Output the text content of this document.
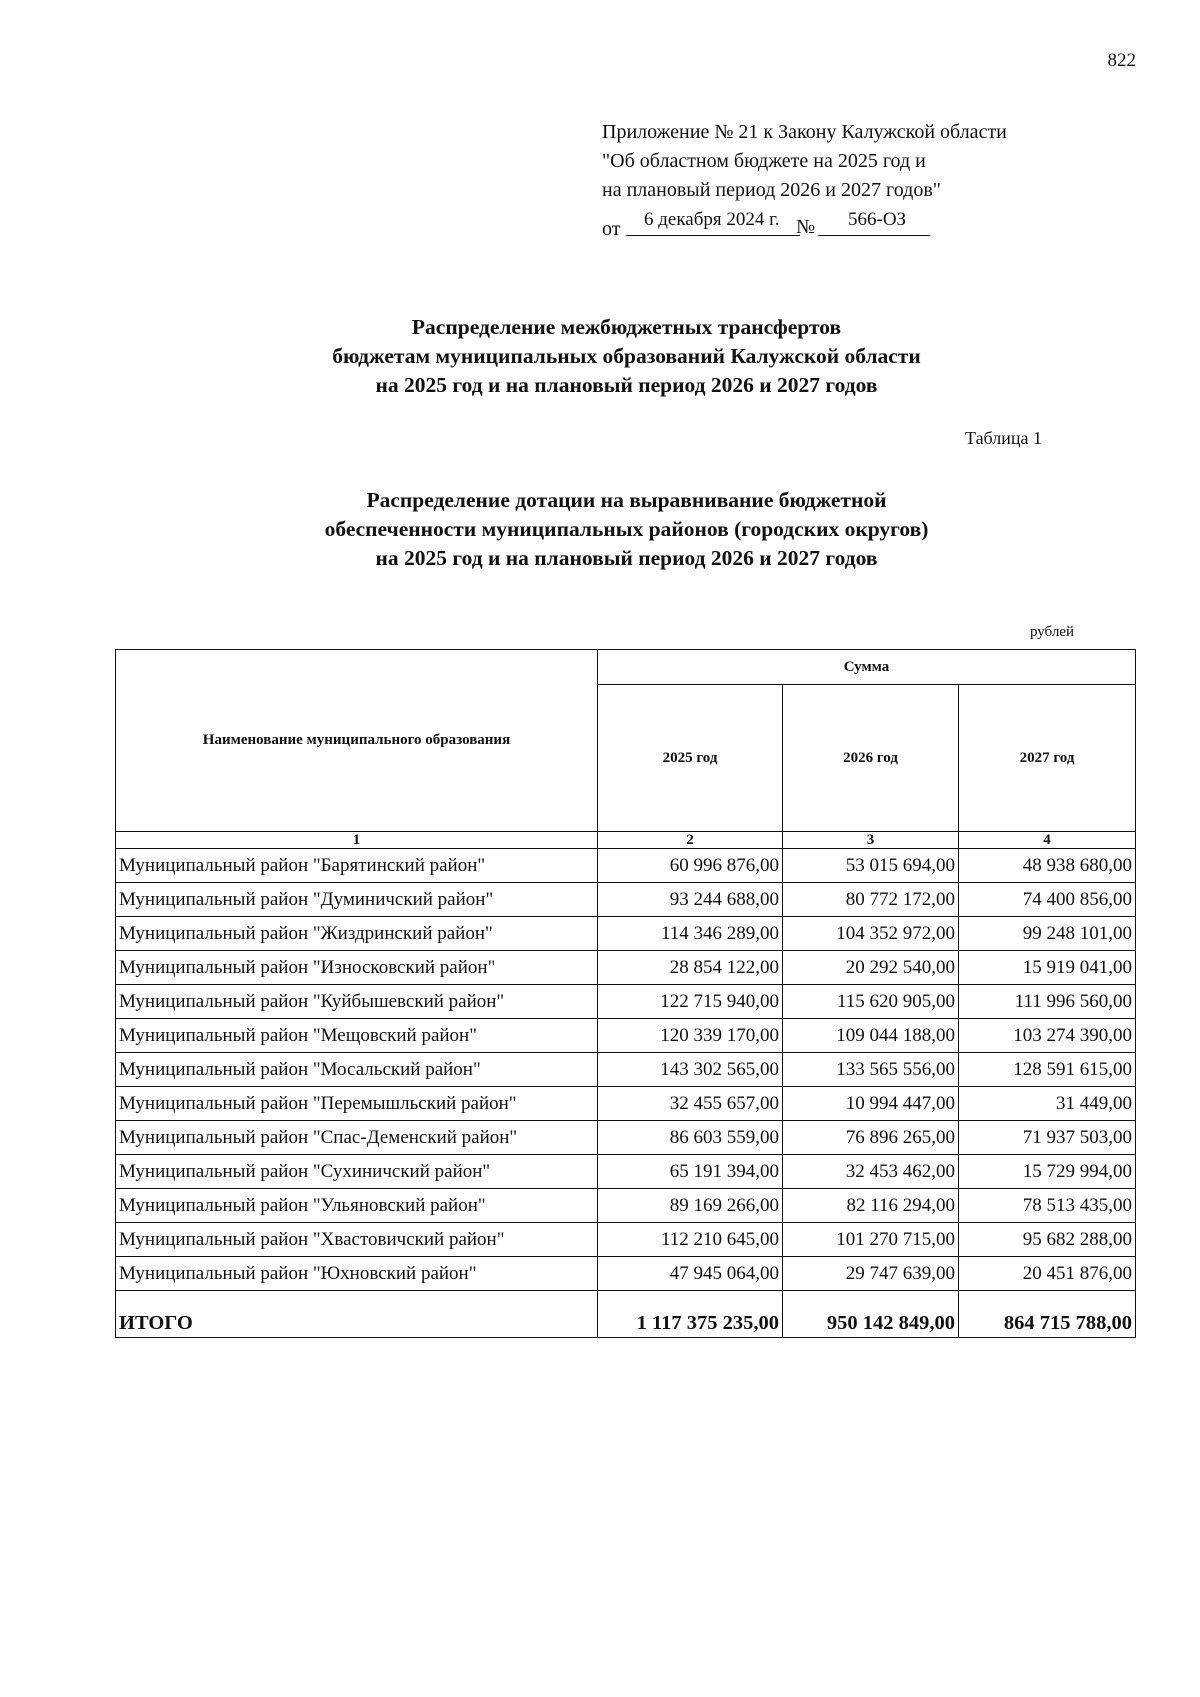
822
Приложение № 21 к Закону Калужской области
"Об областном бюджете на 2025 год и
на плановый период 2026 и 2027 годов"
от 6 декабря 2024 г. № 566-ОЗ
Распределение межбюджетных трансфертов
бюджетам муниципальных образований Калужской области
на 2025 год и на плановый период 2026 и 2027 годов
Таблица 1
Распределение дотации на выравнивание бюджетной
обеспеченности муниципальных районов (городских округов)
на 2025 год и на плановый период 2026 и 2027 годов
рублей
Наименование муниципального образования	Сумма		
	2025 год	2026 год	2027 год
1	2	3	4
Муниципальный район "Барятинский район"	60 996 876,00	53 015 694,00	48 938 680,00
Муниципальный район "Думиничский район"	93 244 688,00	80 772 172,00	74 400 856,00
Муниципальный район "Жиздринский район"	114 346 289,00	104 352 972,00	99 248 101,00
Муниципальный район "Износковский район"	28 854 122,00	20 292 540,00	15 919 041,00
Муниципальный район "Куйбышевский район"	122 715 940,00	115 620 905,00	111 996 560,00
Муниципальный район "Мещовский район"	120 339 170,00	109 044 188,00	103 274 390,00
Муниципальный район "Мосальский район"	143 302 565,00	133 565 556,00	128 591 615,00
Муниципальный район "Перемышльский район"	32 455 657,00	10 994 447,00	31 449,00
Муниципальный район "Спас-Деменский район"	86 603 559,00	76 896 265,00	71 937 503,00
Муниципальный район "Сухиничский район"	65 191 394,00	32 453 462,00	15 729 994,00
Муниципальный район "Ульяновский район"	89 169 266,00	82 116 294,00	78 513 435,00
Муниципальный район "Хвастовичский район"	112 210 645,00	101 270 715,00	95 682 288,00
Муниципальный район "Юхновский район"	47 945 064,00	29 747 639,00	20 451 876,00
ИТОГО	1 117 375 235,00	950 142 849,00	864 715 788,00
